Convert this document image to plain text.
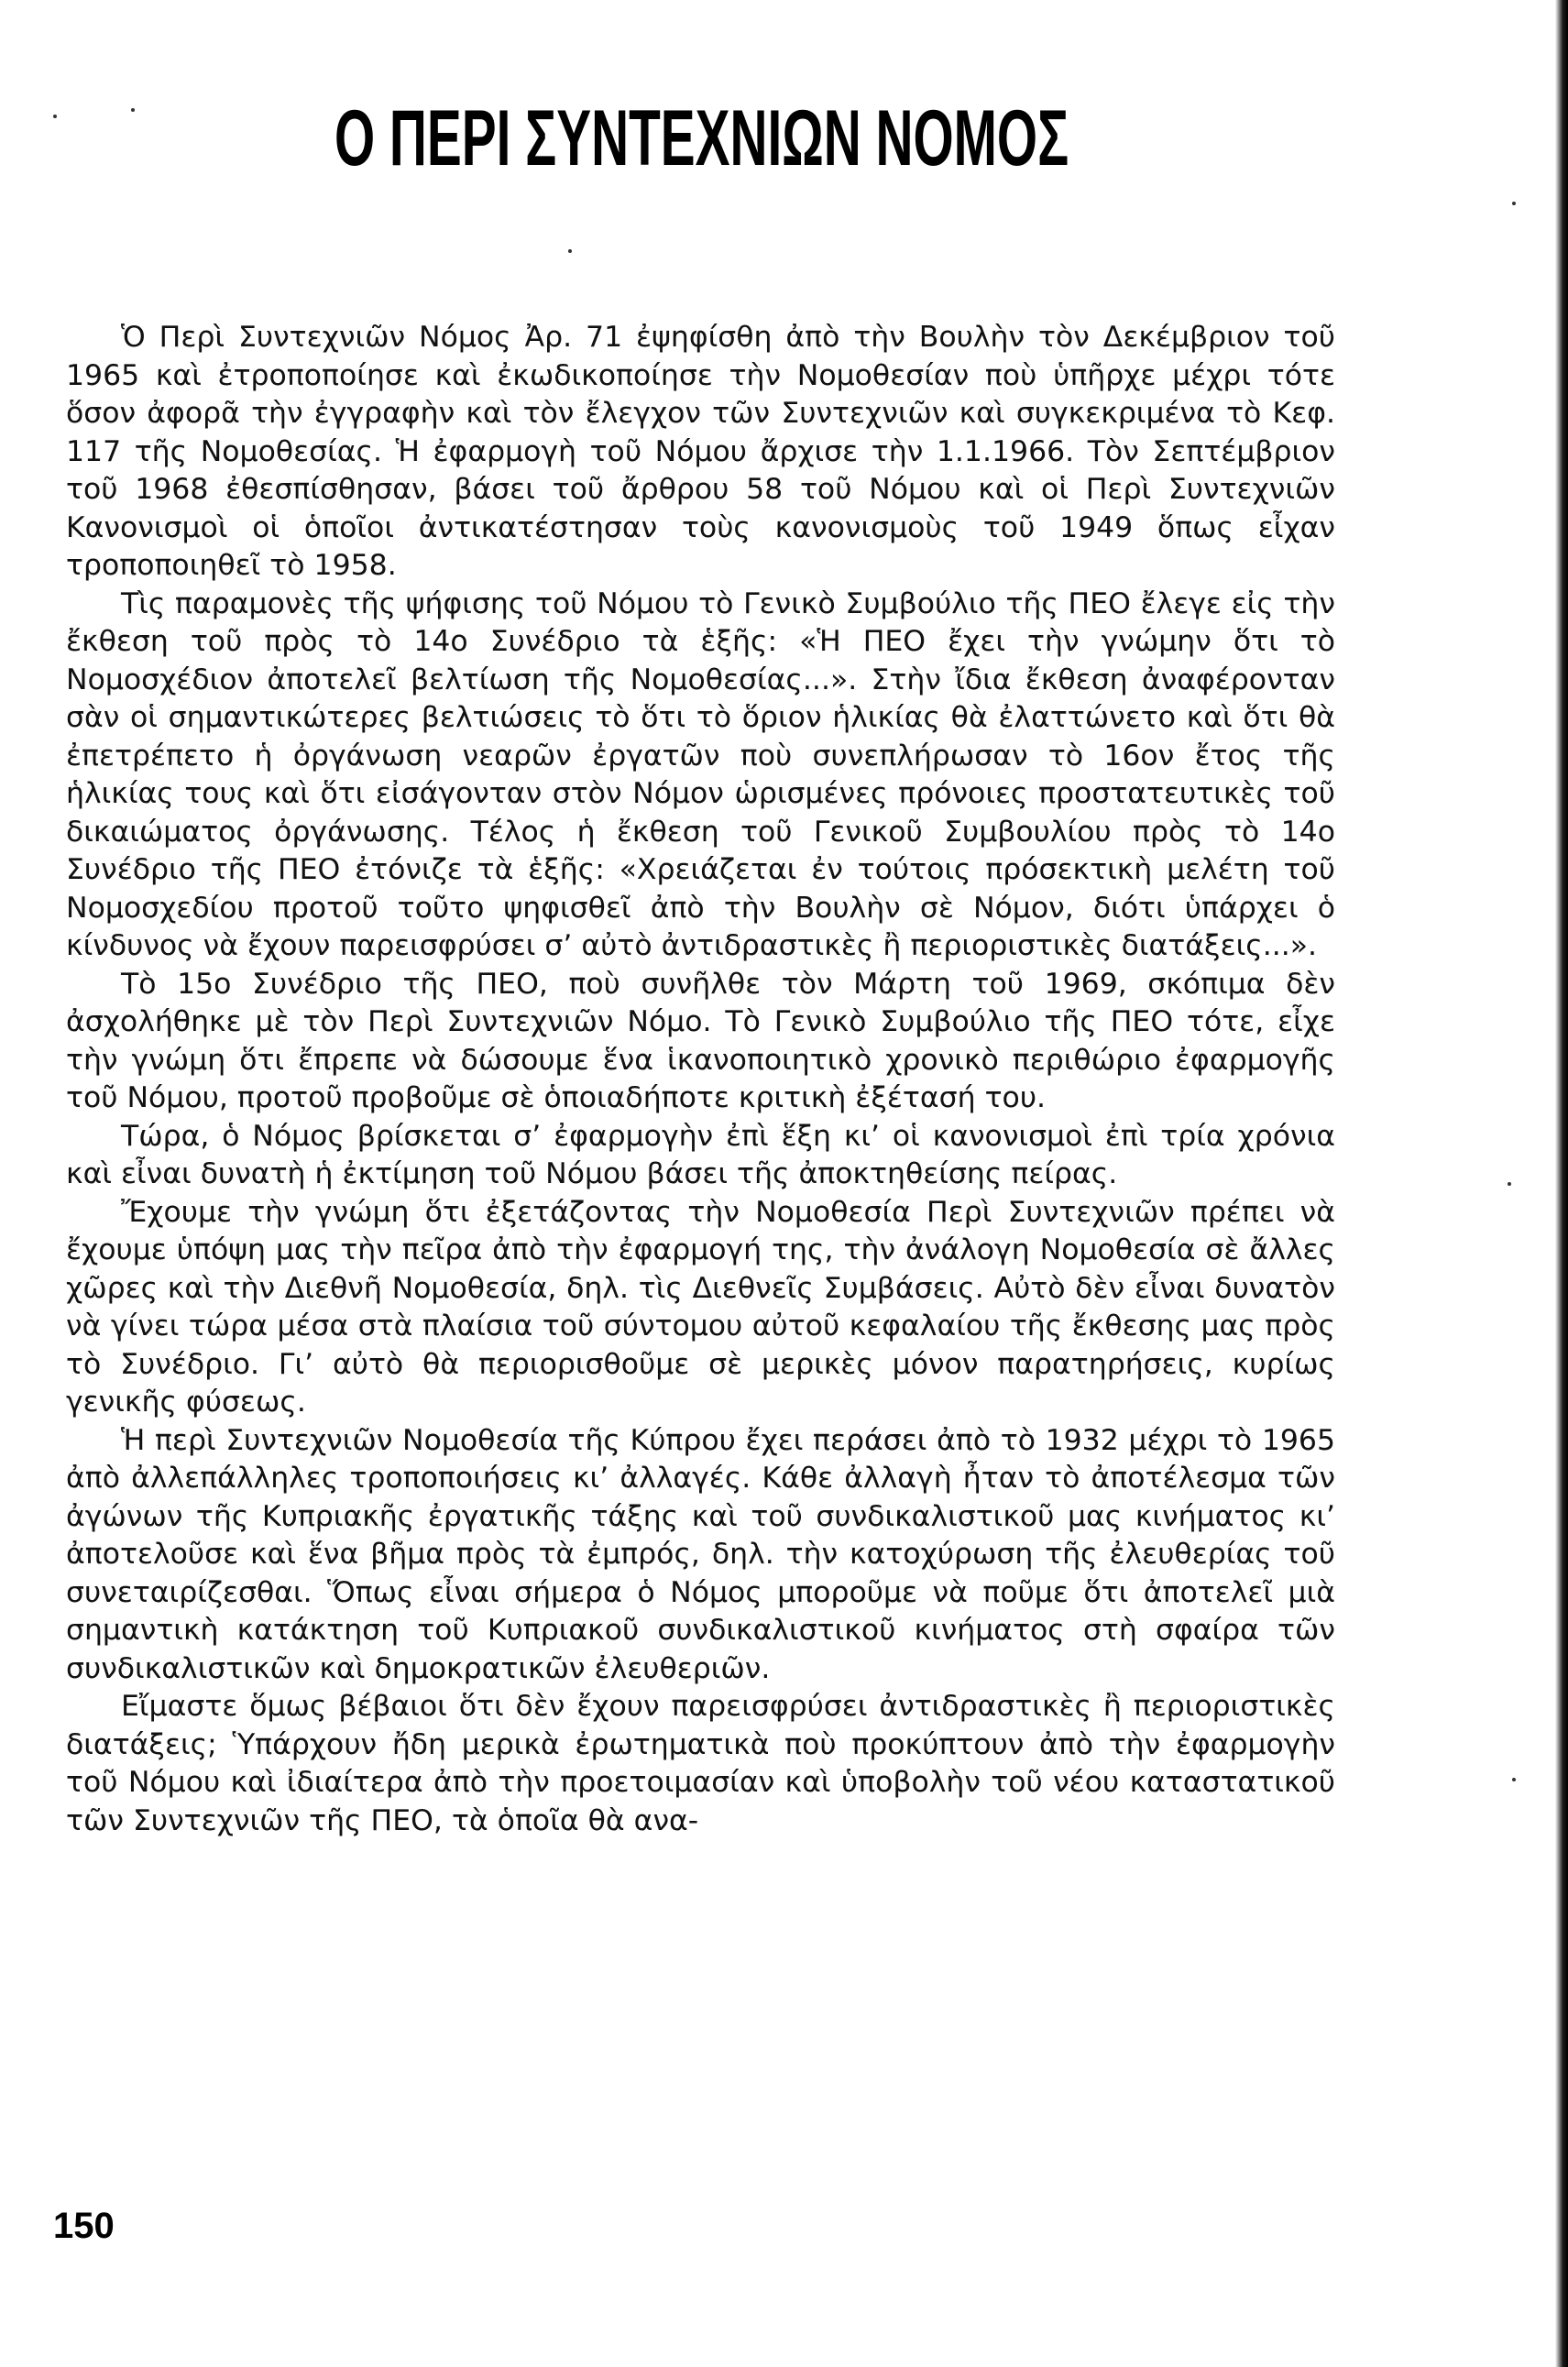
Ο ΠΕΡΙ ΣΥΝΤΕΧΝΙΩΝ ΝΟΜΟΣ

Ὁ Περὶ Συντεχνιῶν Νόμος Ἀρ. 71 ἐψηφίσθη ἀπὸ τὴν Βουλὴν τὸν Δεκέμβριον τοῦ 1965 καὶ ἐτροποποίησε καὶ ἐκωδικοποίησε τὴν Νομοθεσίαν ποὺ ὑπῆρχε μέχρι τότε ὅσον ἀφορᾶ τὴν ἐγγραφὴν καὶ τὸν ἔλεγχον τῶν Συντεχνιῶν καὶ συγκεκριμένα τὸ Κεφ. 117 τῆς Νομοθεσίας. Ἡ ἐφαρμογὴ τοῦ Νόμου ἄρχισε τὴν 1.1.1966. Τὸν Σεπτέμβριον τοῦ 1968 ἐθεσπίσθησαν, βάσει τοῦ ἄρθρου 58 τοῦ Νόμου καὶ οἱ Περὶ Συντεχνιῶν Κανονισμοὶ οἱ ὁποῖοι ἀντικατέστησαν τοὺς κανονισμοὺς τοῦ 1949 ὅπως εἶχαν τροποποιηθεῖ τὸ 1958.

Τὶς παραμονὲς τῆς ψήφισης τοῦ Νόμου τὸ Γενικὸ Συμβούλιο τῆς ΠΕΟ ἔλεγε εἰς τὴν ἔκθεση τοῦ πρὸς τὸ 14ο Συνέδριο τὰ ἑξῆς: «Ἡ ΠΕΟ ἔχει τὴν γνώμην ὅτι τὸ Νομοσχέδιον ἀποτελεῖ βελτίωση τῆς Νομοθεσίας...». Στὴν ἴδια ἔκθεση ἀναφέρονταν σὰν οἱ σημαντικώτερες βελτιώσεις τὸ ὅτι τὸ ὅριον ἡλικίας θὰ ἐλαττώνετο καὶ ὅτι θὰ ἐπετρέπετο ἡ ὀργάνωση νεαρῶν ἐργατῶν ποὺ συνεπλήρωσαν τὸ 16ον ἔτος τῆς ἡλικίας τους καὶ ὅτι εἰσάγονταν στὸν Νόμον ὡρισμένες πρόνοιες προστατευτικὲς τοῦ δικαιώματος ὀργάνωσης. Τέλος ἡ ἔκθεση τοῦ Γενικοῦ Συμβουλίου πρὸς τὸ 14ο Συνέδριο τῆς ΠΕΟ ἐτόνιζε τὰ ἑξῆς: «Χρειάζεται ἐν τούτοις πρόσεκτικὴ μελέτη τοῦ Νομοσχεδίου προτοῦ τοῦτο ψηφισθεῖ ἀπὸ τὴν Βουλὴν σὲ Νόμον, διότι ὑπάρχει ὁ κίνδυνος νὰ ἔχουν παρεισφρύσει σ’ αὐτὸ ἀντιδραστικὲς ἢ περιοριστικὲς διατάξεις...».

Τὸ 15ο Συνέδριο τῆς ΠΕΟ, ποὺ συνῆλθε τὸν Μάρτη τοῦ 1969, σκόπιμα δὲν ἀσχολήθηκε μὲ τὸν Περὶ Συντεχνιῶν Νόμο. Τὸ Γενικὸ Συμβούλιο τῆς ΠΕΟ τότε, εἶχε τὴν γνώμη ὅτι ἔπρεπε νὰ δώσουμε ἕνα ἱκανοποιητικὸ χρονικὸ περιθώριο ἐφαρμογῆς τοῦ Νόμου, προτοῦ προβοῦμε σὲ ὁποιαδήποτε κριτικὴ ἐξέτασή του.

Τώρα, ὁ Νόμος βρίσκεται σ’ ἐφαρμογὴν ἐπὶ ἕξη κι’ οἱ κανονισμοὶ ἐπὶ τρία χρόνια καὶ εἶναι δυνατὴ ἡ ἐκτίμηση τοῦ Νόμου βάσει τῆς ἀποκτηθείσης πείρας.

Ἔχουμε τὴν γνώμη ὅτι ἐξετάζοντας τὴν Νομοθεσία Περὶ Συντεχνιῶν πρέπει νὰ ἔχουμε ὑπόψη μας τὴν πεῖρα ἀπὸ τὴν ἐφαρμογή της, τὴν ἀνάλογη Νομοθεσία σὲ ἄλλες χῶρες καὶ τὴν Διεθνῆ Νομοθεσία, δηλ. τὶς Διεθνεῖς Συμβάσεις. Αὐτὸ δὲν εἶναι δυνατὸν νὰ γίνει τώρα μέσα στὰ πλαίσια τοῦ σύντομου αὐτοῦ κεφαλαίου τῆς ἔκθεσης μας πρὸς τὸ Συνέδριο. Γι’ αὐτὸ θὰ περιορισθοῦμε σὲ μερικὲς μόνον παρατηρήσεις, κυρίως γενικῆς φύσεως.

Ἡ περὶ Συντεχνιῶν Νομοθεσία τῆς Κύπρου ἔχει περάσει ἀπὸ τὸ 1932 μέχρι τὸ 1965 ἀπὸ ἀλλεπάλληλες τροποποιήσεις κι’ ἀλλαγές. Κάθε ἀλλαγὴ ἦταν τὸ ἀποτέλεσμα τῶν ἀγώνων τῆς Κυπριακῆς ἐργατικῆς τάξης καὶ τοῦ συνδικαλιστικοῦ μας κινήματος κι’ ἀποτελοῦσε καὶ ἕνα βῆμα πρὸς τὰ ἐμπρός, δηλ. τὴν κατοχύρωση τῆς ἐλευθερίας τοῦ συνεταιρίζεσθαι. Ὅπως εἶναι σήμερα ὁ Νόμος μποροῦμε νὰ ποῦμε ὅτι ἀποτελεῖ μιὰ σημαντικὴ κατάκτηση τοῦ Κυπριακοῦ συνδικαλιστικοῦ κινήματος στὴ σφαίρα τῶν συνδικαλιστικῶν καὶ δημοκρατικῶν ἐλευθεριῶν.

Εἴμαστε ὅμως βέβαιοι ὅτι δὲν ἔχουν παρεισφρύσει ἀντιδραστικὲς ἢ περιοριστικὲς διατάξεις; Ὑπάρχουν ἤδη μερικὰ ἐρωτηματικὰ ποὺ προκύπτουν ἀπὸ τὴν ἐφαρμογὴν τοῦ Νόμου καὶ ἰδιαίτερα ἀπὸ τὴν προετοιμασίαν καὶ ὑποβολὴν τοῦ νέου καταστατικοῦ τῶν Συντεχνιῶν τῆς ΠΕΟ, τὰ ὁποῖα θὰ ανα-

150
